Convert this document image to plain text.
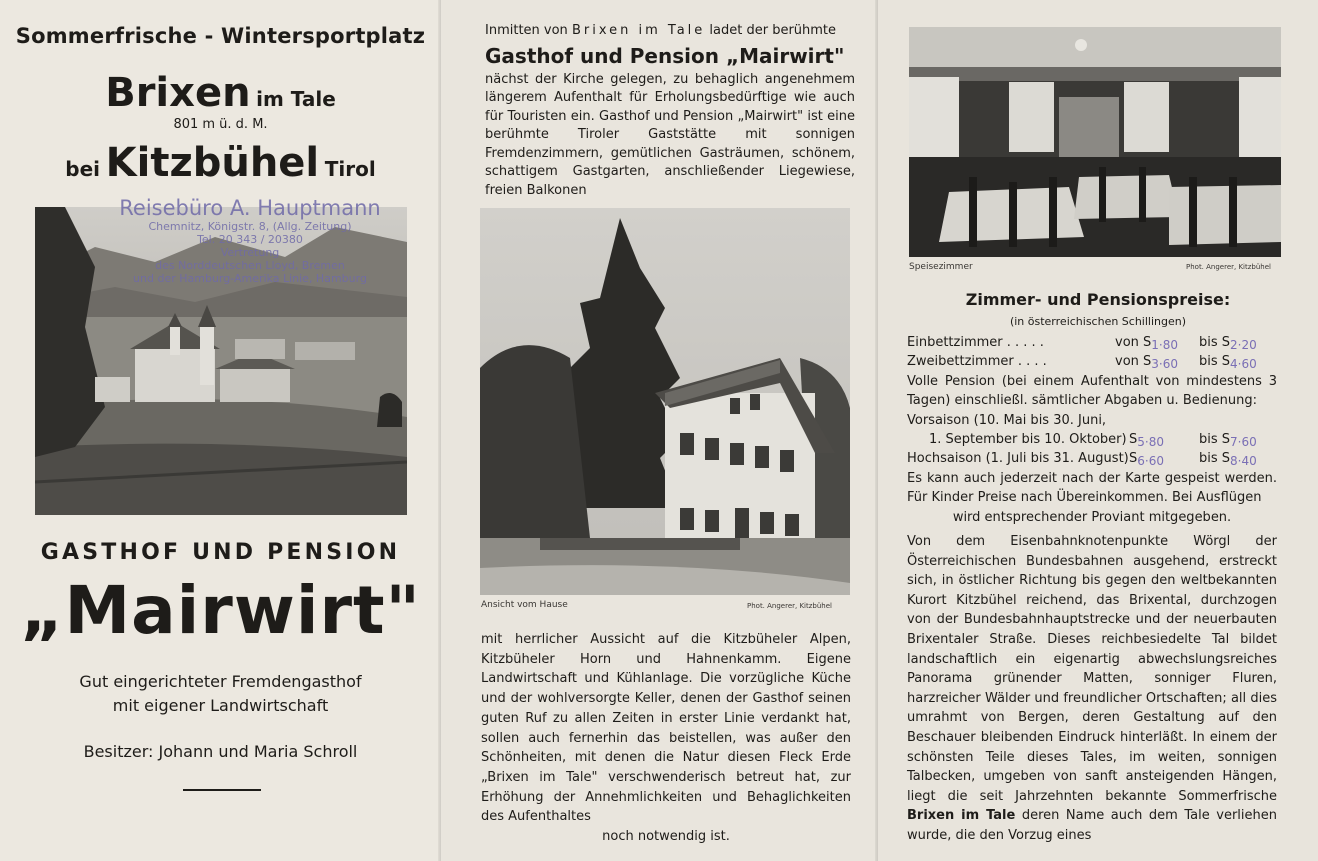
Sommerfrische - Wintersportplatz
Brixen im Tale
801 m ü. d. M.
bei Kitzbühel Tirol
Reisebüro A. Hauptmann
Chemnitz, Königstr. 8, (Allg. Zeitung)
Tel. 20 343 / 20380
Vertretung
des Norddeutschen Lloyd, Bremen
und der Hamburg-Amerika Linie, Hamburg
GASTHOF UND PENSION
„Mairwirt"
Gut eingerichteter Fremdengasthof
mit eigener Landwirtschaft
Besitzer: Johann und Maria Schroll
Inmitten von Brixen im Tale ladet der berühmte
Gasthof und Pension „Mairwirt"
nächst der Kirche gelegen, zu behaglich angenehmem längerem Aufenthalt für Erholungsbedürftige wie auch für Touristen ein. Gasthof und Pension „Mairwirt" ist eine berühmte Tiroler Gaststätte mit sonnigen Fremdenzimmern, gemütlichen Gasträumen, schönem, schattigem Gastgarten, anschließender Liegewiese, freien Balkonen
Ansicht vom Hause	Phot. Angerer, Kitzbühel
mit herrlicher Aussicht auf die Kitzbüheler Alpen, Kitzbüheler Horn und Hahnenkamm. Eigene Landwirtschaft und Kühlanlage. Die vorzügliche Küche und der wohlversorgte Keller, denen der Gasthof seinen guten Ruf zu allen Zeiten in erster Linie verdankt hat, sollen auch fernerhin das beistellen, was außer den Schönheiten, mit denen die Natur diesen Fleck Erde „Brixen im Tale" verschwenderisch betreut hat, zur Erhöhung der Annehmlichkeiten und Behaglichkeiten des Aufenthaltes
noch notwendig ist.
Speisezimmer	Phot. Angerer, Kitzbühel
Zimmer- und Pensionspreise:
(in österreichischen Schillingen)
Einbettzimmer . . . . .	von S1·80 bis S2·20
Zweibettzimmer . . . .	von S3·60 bis S4·60
Volle Pension (bei einem Aufenthalt von mindestens 3 Tagen) einschließl. sämtlicher Abgaben u. Bedienung:
Vorsaison (10. Mai bis 30. Juni,
1. September bis 10. Oktober) S5·80	bis S7·60
Hochsaison (1. Juli bis 31. August) S6·60	bis S8·40
Es kann auch jederzeit nach der Karte gespeist werden. Für Kinder Preise nach Übereinkommen. Bei Ausflügen
wird entsprechender Proviant mitgegeben.
Von dem Eisenbahnknotenpunkte Wörgl der Österreichischen Bundesbahnen ausgehend, erstreckt sich, in östlicher Richtung bis gegen den weltbekannten Kurort Kitzbühel reichend, das Brixental, durchzogen von der Bundesbahnhauptstrecke und der neuerbauten Brixentaler Straße. Dieses reichbesiedelte Tal bildet landschaftlich ein eigenartig abwechslungsreiches Panorama grünender Matten, sonniger Fluren, harzreicher Wälder und freundlicher Ortschaften; all dies umrahmt von Bergen, deren Gestaltung auf den Beschauer bleibenden Eindruck hinterläßt. In einem der schönsten Teile dieses Tales, im weiten, sonnigen Talbecken, umgeben von sanft ansteigenden Hängen, liegt die seit Jahrzehnten bekannte Sommerfrische Brixen im Tale deren Name auch dem Tale verliehen wurde, die den Vorzug eines
